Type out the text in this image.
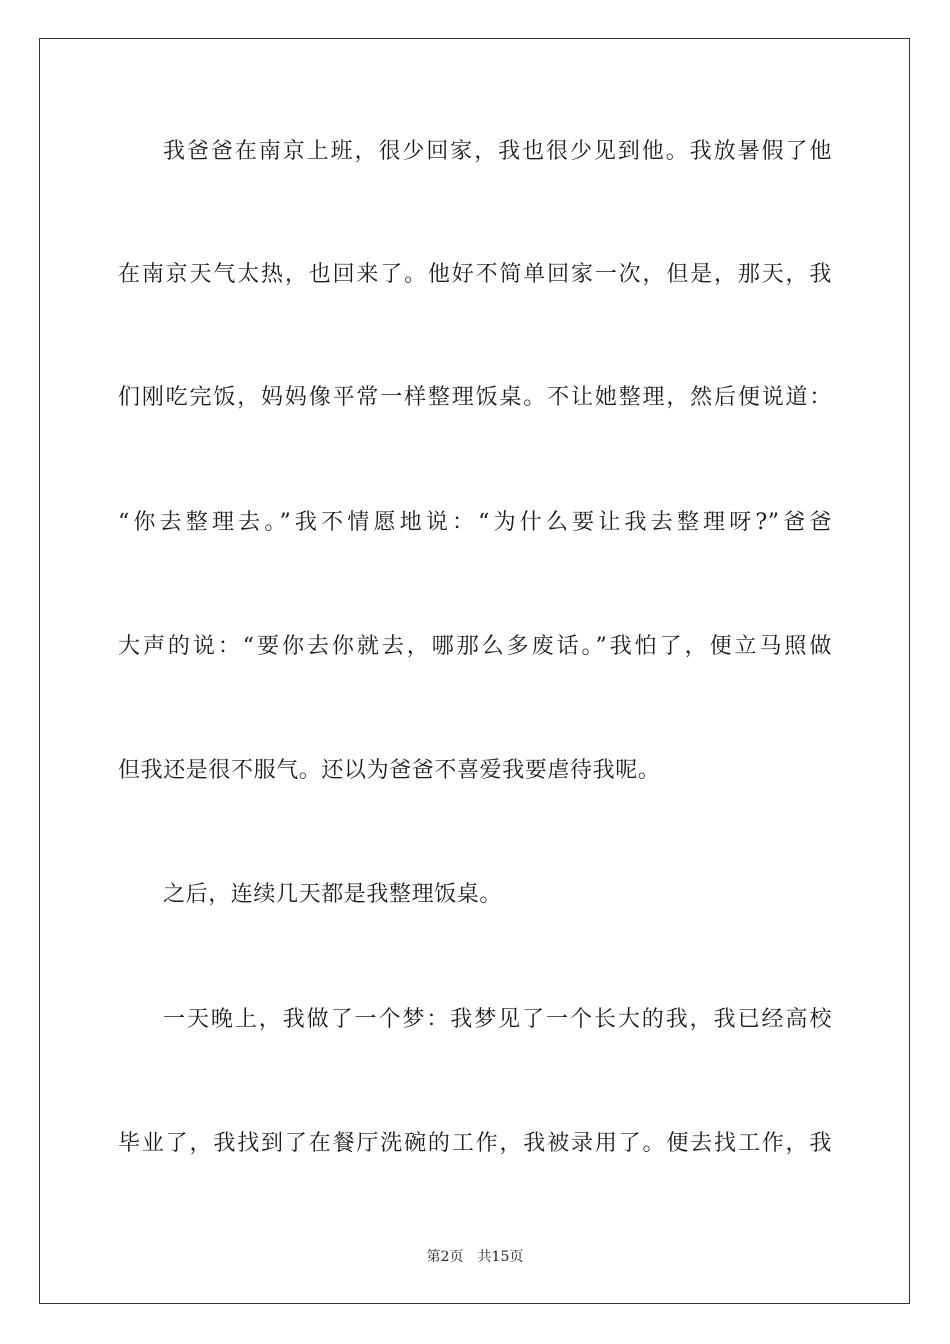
我爸爸在南京上班，很少回家，我也很少见到他。我放暑假了他
在南京天气太热，也回来了。他好不简单回家一次，但是，那天，我
们刚吃完饭，妈妈像平常一样整理饭桌。不让她整理，然后便说道：
“你去整理去。”我不情愿地说：“为什么要让我去整理呀?”爸爸
大声的说：“要你去你就去，哪那么多废话。”我怕了，便立马照做
但我还是很不服气。还以为爸爸不喜爱我要虐待我呢。
之后，连续几天都是我整理饭桌。
一天晚上，我做了一个梦：我梦见了一个长大的我，我已经高校
毕业了，我找到了在餐厅洗碗的工作，我被录用了。便去找工作，我
第2页 共15页
